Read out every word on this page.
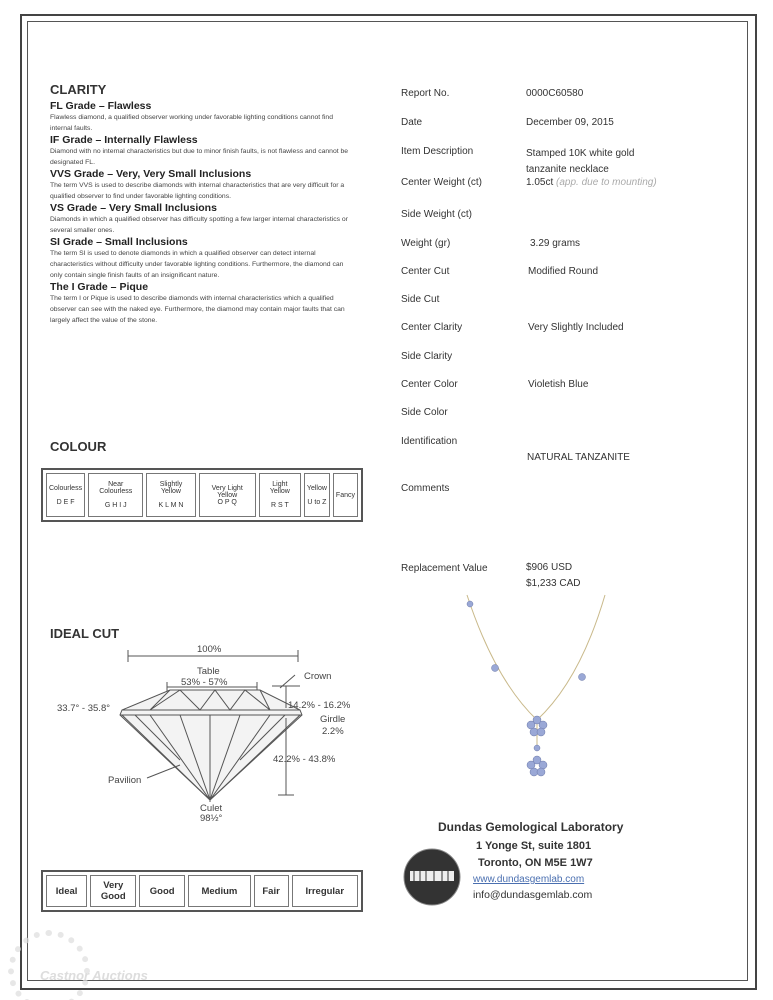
CLARITY
FL Grade – Flawless
Flawless diamond, a qualified observer working under favorable lighting conditions cannot find internal faults.
IF Grade – Internally Flawless
Diamond with no internal characteristics but due to minor finish faults, is not flawless and cannot be designated FL.
VVS Grade – Very, Very Small Inclusions
The term VVS is used to describe diamonds with internal characteristics that are very difficult for a qualified observer to find under favorable lighting conditions.
VS Grade – Very Small Inclusions
Diamonds in which a qualified observer has difficulty spotting a few larger internal characteristics or several smaller ones.
SI Grade – Small Inclusions
The term SI is used to denote diamonds in which a qualified observer can detect internal characteristics without difficulty under favorable lighting conditions. Furthermore, the diamond can only contain single finish faults of an insignificant nature.
The I Grade – Pique
The term I or Pique is used to describe diamonds with internal characteristics which a qualified observer can see with the naked eye. Furthermore, the diamond may contain major faults that can largely affect the value of the stone.
COLOUR
Colourless

D E F

Near Colourless

G H I J

Slightly Yellow

K L M N

Very Light Yellow
O P Q

Light Yellow

R S T

Yellow

U to Z

Fancy
IDEAL CUT
100%
Table
53% - 57%
Crown
33.7° - 35.8°	14.2% - 16.2%
Girdle
2.2%
42.2% - 43.8%
Pavilion
Culet
98½°
Ideal	Very Good	Good	Medium	Fair	Irregular
Report No.	0000C60580
Date	December 09, 2015
Item Description	Stamped 10K white gold tanzanite necklace
Center Weight (ct)	1.05ct (app. due to mounting)
Side Weight (ct)
Weight (gr)	3.29 grams
Center Cut	Modified Round
Side Cut
Center Clarity	Very Slightly Included
Side Clarity
Center Color	Violetish Blue
Side Color
Identification
NATURAL TANZANITE
Comments
Replacement Value	$906 USD
$1,233 CAD
Dundas Gemological Laboratory
1 Yonge St, suite 1801
Toronto, ON M5E 1W7
www.dundasgemlab.com
info@dundasgemlab.com
Castnor Auctions
